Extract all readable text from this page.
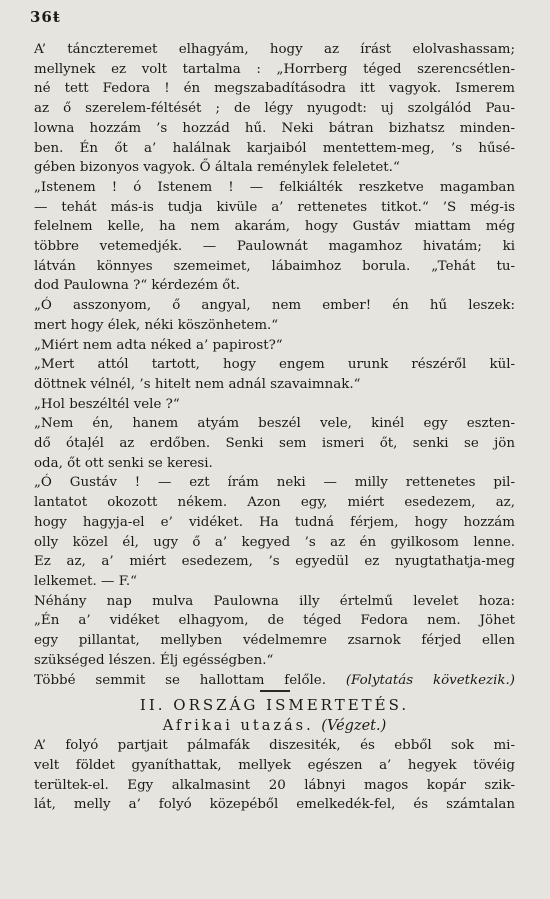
36ŧ
A’ tánczteremet elhagyám, hogy az írást elolvashassam;
mellynek ez volt tartalma : „Horrberg téged szerencsétlen-
né tett Fedora ! én megszabadításodra itt vagyok. Ismerem
az ő szerelem-féltését ; de légy nyugodt: uj szolgálód Pau-
lowna hozzám ’s hozzád hű. Neki bátran bizhatsz minden-
ben. Én őt a’ halálnak karjaiból mentettem-meg, ’s hűsé-
gében bizonyos vagyok. Ő általa reménylek feleletet.“
„Istenem ! ó Istenem ! — felkiálték reszketve magamban
— tehát más-is tudja kivüle a’ rettenetes titkot.“ ’S még-is
felelnem kelle, ha nem akarám, hogy Gustáv miattam még
többre vetemedjék. — Paulownát magamhoz hivatám; ki
látván könnyes szemeimet, lábaimhoz borula. „Tehát tu-
dod Paulowna ?“ kérdezém őt.
„Ó asszonyom, ő angyal, nem ember! én hű leszek:
mert hogy élek, néki köszönhetem.“
„Miért nem adta néked a’ papirost?“
„Mert attól tartott, hogy engem urunk részéről kül-
döttnek vélnél, ’s hitelt nem adnál szavaimnak.“
„Hol beszéltél vele ?“
„Nem én, hanem atyám beszél vele, kinél egy eszten-
dő ótaļél az erdőben. Senki sem ismeri őt, senki se jön
oda, őt ott senki se keresi.
„Ó Gustáv ! — ezt írám neki — milly rettenetes pil-
lantatot okozott nékem. Azon egy, miért esedezem, az,
hogy hagyja-el e’ vidéket. Ha tudná férjem, hogy hozzám
olly közel él, ugy ő a’ kegyed ’s az én gyilkosom lenne.
Ez az, a’ miért esedezem, ’s egyedül ez nyugtathatja-meg
lelkemet. — F.“
Néhány nap mulva Paulowna illy értelmű levelet hoza:
„Én a’ vidéket elhagyom, de téged Fedora nem. Jöhet
egy pillantat, mellyben védelmemre zsarnok férjed ellen
szükséged lészen. Élj egésségben.“
Többé semmit se hallottam felőle. (Folytatás következik.)
II. ORSZÁG ISMERTETÉS.
Afrikai utazás. (Végzet.)
A’ folyó partjait pálmafák diszesiték, és ebből sok mi-
velt földet gyaníthattak, mellyek egészen a’ hegyek tövéig
terültek-el. Egy alkalmasint 20 lábnyi magos kopár szik-
lát, melly a’ folyó közepéből emelkedék-fel, és számtalan
